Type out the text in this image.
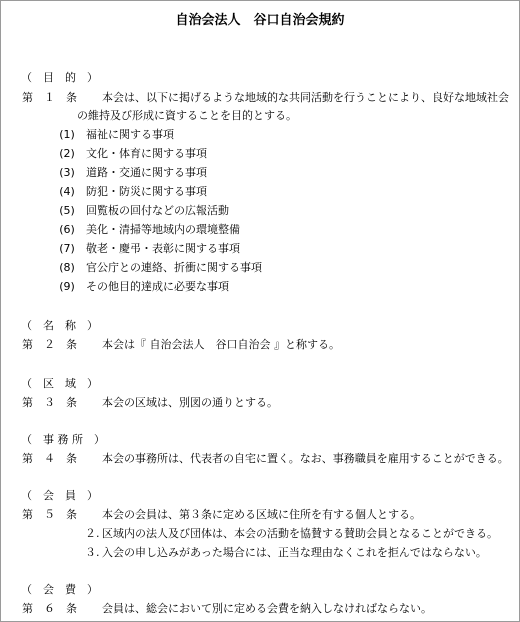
自治会法人　谷口自治会規約
（　目　的　）
第　１　条 本会は、以下に掲げるような地域的な共同活動を行うことにより、良好な地域社会
の維持及び形成に資することを目的とする。
(1) 福祉に関する事項
(2) 文化・体育に関する事項
(3) 道路・交通に関する事項
(4) 防犯・防災に関する事項
(5) 回覧板の回付などの広報活動
(6) 美化・清掃等地域内の環境整備
(7) 敬老・慶弔・表彰に関する事項
(8) 官公庁との連絡、折衝に関する事項
(9) その他目的達成に必要な事項
（　名　称　）
第　２　条 本会は『 自治会法人　谷口自治会 』と称する。
（　区　域　）
第　３　条 本会の区域は、別図の通りとする。
（　事 務 所　）
第　４　条 本会の事務所は、代表者の自宅に置く。なお、事務職員を雇用することができる。
（　会　員　）
第　５　条 本会の会員は、第３条に定める区域に住所を有する個人とする。
２. 区域内の法人及び団体は、本会の活動を協賛する賛助会員となることができる。
３. 入会の申し込みがあった場合には、正当な理由なくこれを拒んではならない。
（　会　費　）
第　６　条 会員は、総会において別に定める会費を納入しなければならない。
